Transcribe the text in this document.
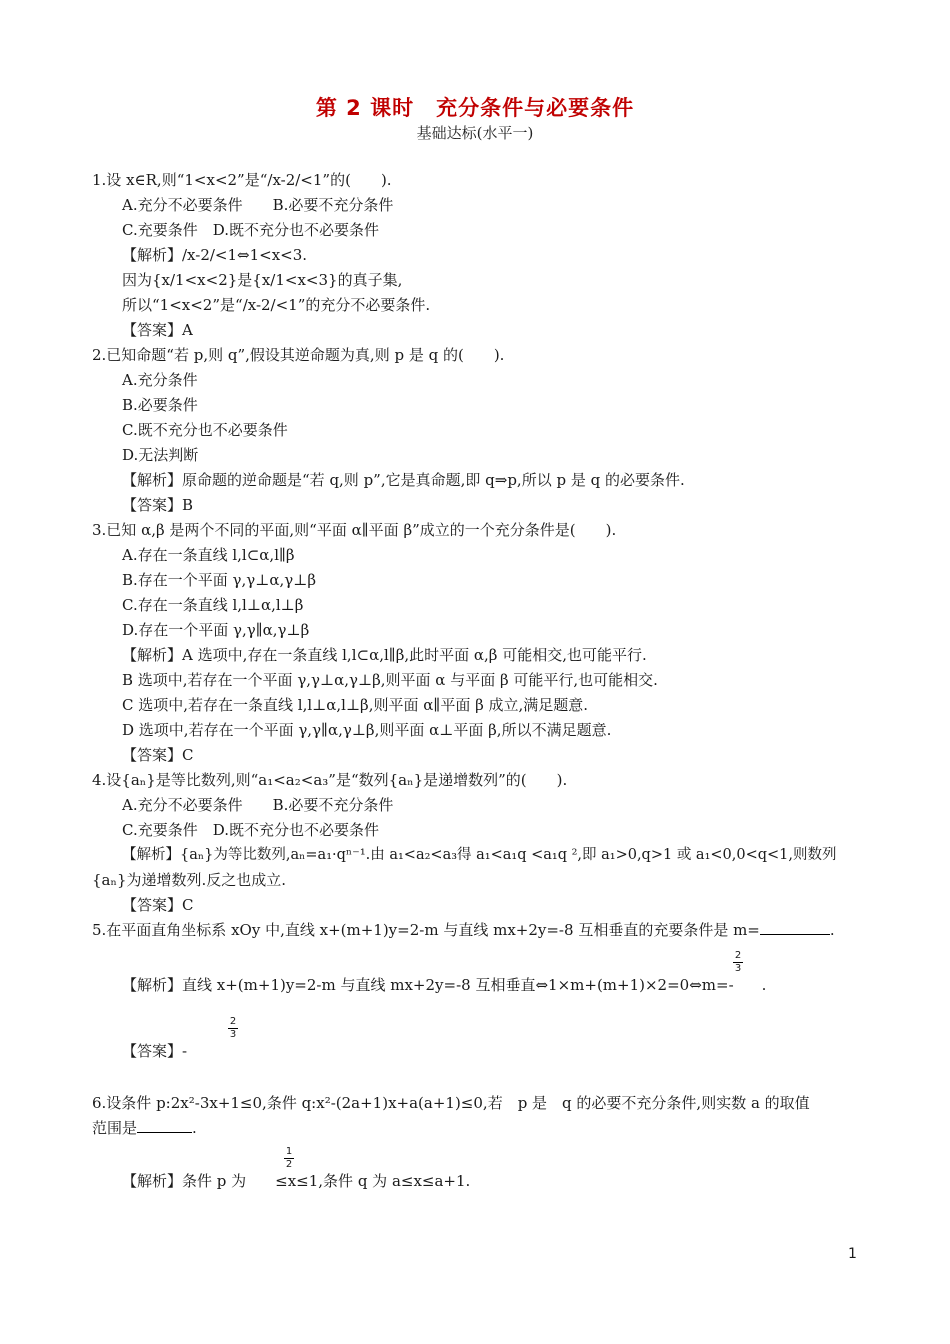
第 2 课时　充分条件与必要条件
基础达标(水平一)
1.设 x∈R,则“1<x<2”是“/x-2/<1”的(　　).
A.充分不必要条件　　B.必要不充分条件
C.充要条件　D.既不充分也不必要条件
【解析】/x-2/<1⇔1<x<3.
因为{x/1<x<2}是{x/1<x<3}的真子集,
所以“1<x<2”是“/x-2/<1”的充分不必要条件.
【答案】A
2.已知命题“若 p,则 q”,假设其逆命题为真,则 p 是 q 的(　　).
A.充分条件
B.必要条件
C.既不充分也不必要条件
D.无法判断
【解析】原命题的逆命题是“若 q,则 p”,它是真命题,即 q⇒p,所以 p 是 q 的必要条件.
【答案】B
3.已知 α,β 是两个不同的平面,则“平面 α∥平面 β”成立的一个充分条件是(　　).
A.存在一条直线 l,l⊂α,l∥β
B.存在一个平面 γ,γ⊥α,γ⊥β
C.存在一条直线 l,l⊥α,l⊥β
D.存在一个平面 γ,γ∥α,γ⊥β
【解析】A 选项中,存在一条直线 l,l⊂α,l∥β,此时平面 α,β 可能相交,也可能平行.
B 选项中,若存在一个平面 γ,γ⊥α,γ⊥β,则平面 α 与平面 β 可能平行,也可能相交.
C 选项中,若存在一条直线 l,l⊥α,l⊥β,则平面 α∥平面 β 成立,满足题意.
D 选项中,若存在一个平面 γ,γ∥α,γ⊥β,则平面 α⊥平面 β,所以不满足题意.
【答案】C
4.设{aₙ}是等比数列,则“a₁<a₂<a₃”是“数列{aₙ}是递增数列”的(　　).
A.充分不必要条件　　B.必要不充分条件
C.充要条件　D.既不充分也不必要条件
【解析】{aₙ}为等比数列,aₙ=a₁·qⁿ⁻¹.由 a₁<a₂<a₃得 a₁<a₁q <a₁q ²,即 a₁>0,q>1 或 a₁<0,0<q<1,则数列
{aₙ}为递增数列.反之也成立.
【答案】C
5.在平面直角坐标系 xOy 中,直线 x+(m+1)y=2-m 与直线 mx+2y=-8 互相垂直的充要条件是 m=	.
【解析】直线 x+(m+1)y=2-m 与直线 mx+2y=-8 互相垂直⇔1×m+(m+1)×2=0⇔m=- .
2
3
【答案】-
2
3
6.设条件 p:2x²-3x+1≤0,条件 q:x²-(2a+1)x+a(a+1)≤0,若　p 是　q 的必要不充分条件,则实数 a 的取值
范围是	.
【解析】条件 p 为　≤x≤1,条件 q 为 a≤x≤a+1.
1
2
1
